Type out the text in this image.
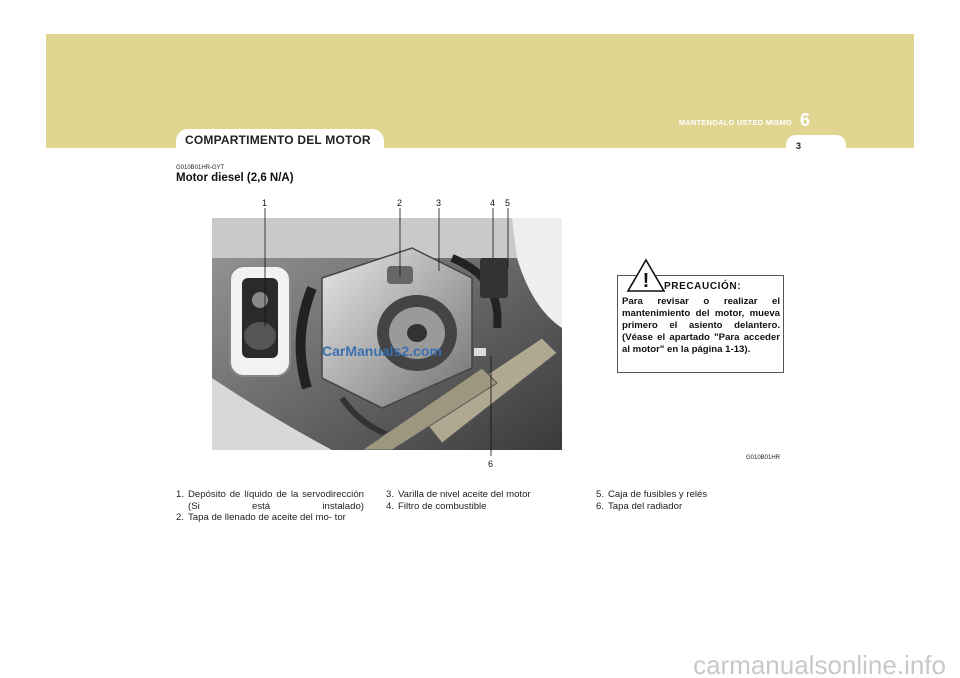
COMPARTIMENTO DEL MOTOR
6
MANTENGALO USTED MISMO
3
G010B01HR-GYT
Motor diesel (2,6 N/A)
1	2	3	4 5
6
CarManuals2.com
! PRECAUCIÓN:
Para revisar o realizar el mantenimiento del motor, mueva primero el asiento delantero. (Véase el apartado "Para acceder al motor" en la página 1-13).
G010B01HR
1. Depósito de líquido de la servodirección (Si está instalado)
2. Tapa de llenado de aceite del mo- tor
3. Varilla de nivel aceite del motor
4. Filtro de combustible
5. Caja de fusibles y relés
6. Tapa del radiador
carmanualsonline.info
